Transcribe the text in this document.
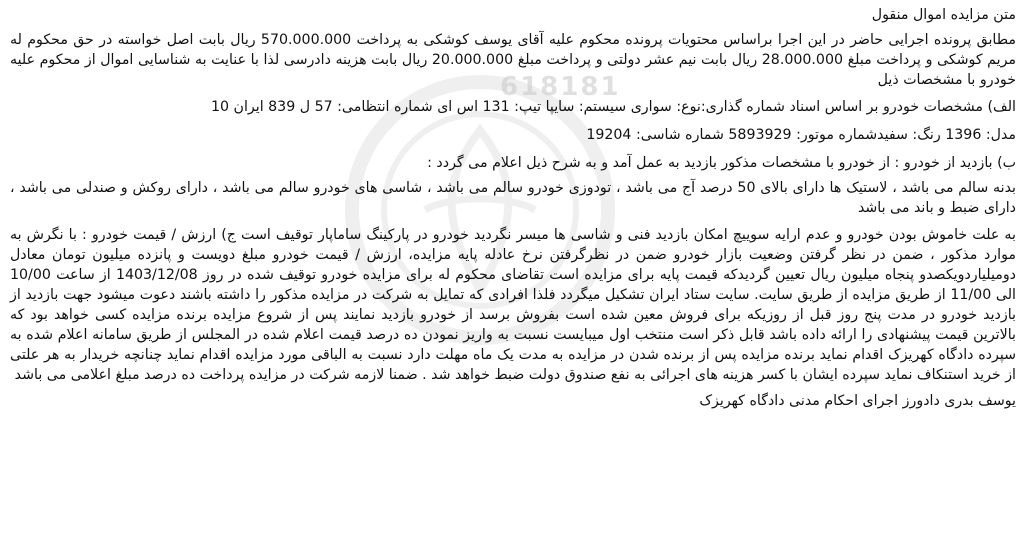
618181

متن مزایده اموال منقول

مطابق پرونده اجرایی حاضر در این اجرا براساس محتویات پرونده محکوم علیه آقای یوسف کوشکی به پرداخت 570.000.000 ریال بابت اصل خواسته در حق محکوم له مریم کوشکی و پرداخت مبلغ 28.000.000 ریال بابت نیم عشر دولتی و پرداخت مبلغ 20.000.000 ریال بابت هزینه دادرسی لذا با عنایت به شناسایی اموال از محکوم علیه خودرو با مشخصات ذیل

الف) مشخصات خودرو بر اساس اسناد شماره گذاری:نوع: سواری سیستم: سایپا تیپ: 131 اس ای شماره انتظامی: 57 ل 839 ایران 10

مدل: 1396 رنگ: سفیدشماره موتور: 5893929 شماره شاسی: 19204

ب) بازدید از خودرو : از خودرو با مشخصات مذکور بازدید به عمل آمد و به شرح ذیل اعلام می گردد :

بدنه سالم می باشد ، لاستیک ها دارای بالای 50 درصد آج می باشد ، تودوزی خودرو سالم می باشد ، شاسی های خودرو سالم می باشد ، دارای روکش و صندلی می باشد ، دارای ضبط و باند می باشد

به علت خاموش بودن خودرو و عدم ارایه سوییچ امکان بازدید فنی و شاسی ها میسر نگردید خودرو در پارکینگ ساماپار توقیف است ج) ارزش / قیمت خودرو : با نگرش به موارد مذکور ، ضمن در نظر گرفتن وضعیت بازار خودرو ضمن در نظرگرفتن نرخ عادله پایه مزایده، ارزش / قیمت خودرو مبلغ دویست و پانزده میلیون تومان معادل دومیلیاردویکصدو پنجاه میلیون ریال تعیین گردیدکه قیمت پایه برای مزایده است تقاضای محکوم له برای مزایده خودرو توقیف شده در روز 1403/12/08 از ساعت 10/00 الی 11/00 از طریق مزایده از طریق سایت. سایت ستاد ایران تشکیل میگردد فلذا افرادی که تمایل به شرکت در مزایده مذکور را داشته باشند دعوت میشود جهت بازدید از بازدید خودرو در مدت پنج روز قبل از روزیکه برای فروش معین شده است بفروش برسد از خودرو بازدید نمایند پس از شروع مزایده برنده مزایده کسی خواهد بود که بالاترین قیمت پیشنهادی را ارائه داده باشد قابل ذکر است منتخب اول میبایست نسبت به واریز نمودن ده درصد قیمت اعلام شده در المجلس از طریق سامانه اعلام شده به سپرده دادگاه کهریزک اقدام نماید برنده مزایده پس از برنده شدن در مزایده به مدت یک ماه مهلت دارد نسبت به الباقی مورد مزایده اقدام نماید چنانچه خریدار به هر علتی از خرید استنکاف نماید سپرده ایشان با کسر هزینه های اجرائی به نفع صندوق دولت ضبط خواهد شد . ضمنا لازمه شرکت در مزایده پرداخت ده درصد مبلغ اعلامی می باشد

یوسف بدری دادورز اجرای احکام مدنی دادگاه کهریزک
